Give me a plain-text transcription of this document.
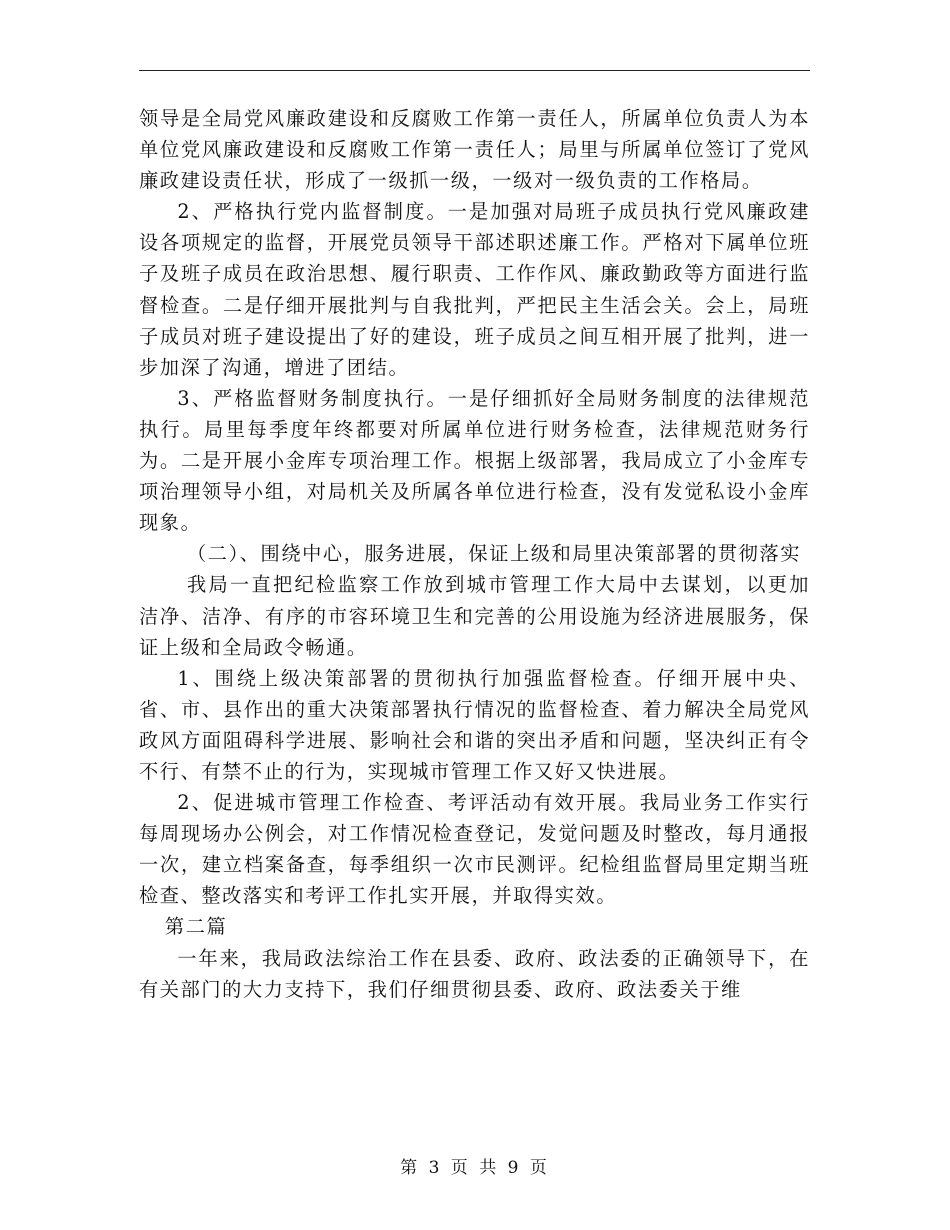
领导是全局党风廉政建设和反腐败工作第一责任人，所属单位负责人为本单位党风廉政建设和反腐败工作第一责任人；局里与所属单位签订了党风廉政建设责任状，形成了一级抓一级，一级对一级负责的工作格局。

2、严格执行党内监督制度。一是加强对局班子成员执行党风廉政建设各项规定的监督，开展党员领导干部述职述廉工作。严格对下属单位班子及班子成员在政治思想、履行职责、工作作风、廉政勤政等方面进行监督检查。二是仔细开展批判与自我批判，严把民主生活会关。会上，局班子成员对班子建设提出了好的建设，班子成员之间互相开展了批判，进一步加深了沟通，增进了团结。

3、严格监督财务制度执行。一是仔细抓好全局财务制度的法律规范执行。局里每季度年终都要对所属单位进行财务检查，法律规范财务行为。二是开展小金库专项治理工作。根据上级部署，我局成立了小金库专项治理领导小组，对局机关及所属各单位进行检查，没有发觉私设小金库现象。

（二）、围绕中心，服务进展，保证上级和局里决策部署的贯彻落实

我局一直把纪检监察工作放到城市管理工作大局中去谋划，以更加洁净、洁净、有序的市容环境卫生和完善的公用设施为经济进展服务，保证上级和全局政令畅通。

1、围绕上级决策部署的贯彻执行加强监督检查。仔细开展中央、省、市、县作出的重大决策部署执行情况的监督检查、着力解决全局党风政风方面阻碍科学进展、影响社会和谐的突出矛盾和问题，坚决纠正有令不行、有禁不止的行为，实现城市管理工作又好又快进展。

2、促进城市管理工作检查、考评活动有效开展。我局业务工作实行每周现场办公例会，对工作情况检查登记，发觉问题及时整改，每月通报一次，建立档案备查，每季组织一次市民测评。纪检组监督局里定期当班检查、整改落实和考评工作扎实开展，并取得实效。

第二篇

一年来，我局政法综治工作在县委、政府、政法委的正确领导下，在有关部门的大力支持下，我们仔细贯彻县委、政府、政法委关于维

第 3 页 共 9 页
